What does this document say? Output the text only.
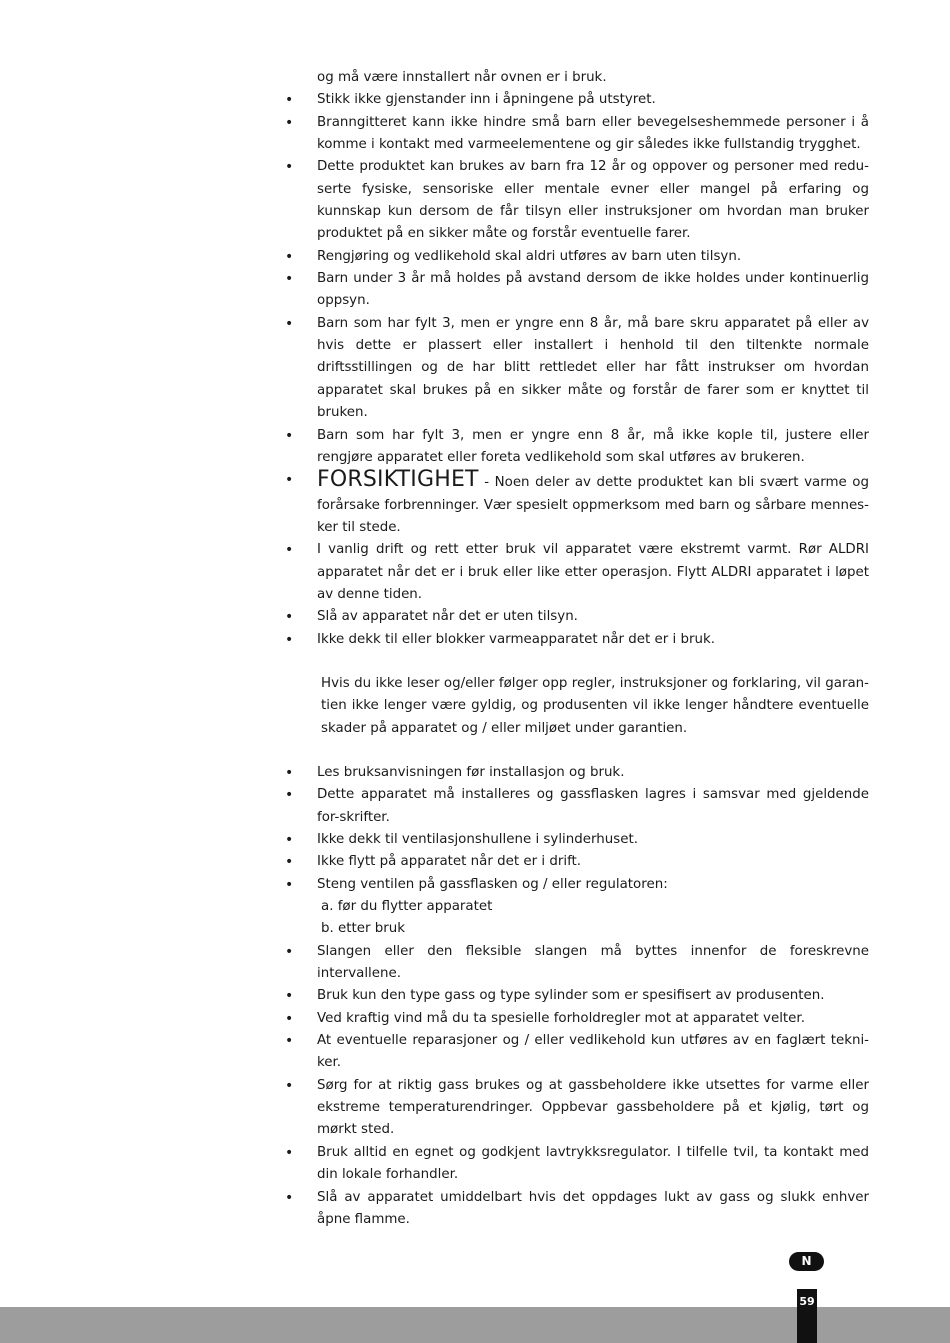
og må være innstallert når ovnen er i bruk.
• Stikk ikke gjenstander inn i åpningene på utstyret.
• Branngitteret kann ikke hindre små barn eller bevegelseshemmede personer i å komme i kontakt med varmeelementene og gir således ikke fullstandig trygghet.
• Dette produktet kan brukes av barn fra 12 år og oppover og personer med redu-serte fysiske, sensoriske eller mentale evner eller mangel på erfaring og kunnskap kun dersom de får tilsyn eller instruksjoner om hvordan man bruker produktet på en sikker måte og forstår eventuelle farer.
• Rengjøring og vedlikehold skal aldri utføres av barn uten tilsyn.
• Barn under 3 år må holdes på avstand dersom de ikke holdes under kontinuerlig oppsyn.
• Barn som har fylt 3, men er yngre enn 8 år, må bare skru apparatet på eller av hvis dette er plassert eller installert i henhold til den tiltenkte normale driftsstillingen og de har blitt rettledet eller har fått instrukser om hvordan apparatet skal brukes på en sikker måte og forstår de farer som er knyttet til bruken.
• Barn som har fylt 3, men er yngre enn 8 år, må ikke kople til, justere eller rengjøre apparatet eller foreta vedlikehold som skal utføres av brukeren.
• FORSIKTIGHET - Noen deler av dette produktet kan bli svært varme og forårsake forbrenninger. Vær spesielt oppmerksom med barn og sårbare mennes-ker til stede.
• I vanlig drift og rett etter bruk vil apparatet være ekstremt varmt. Rør ALDRI apparatet når det er i bruk eller like etter operasjon. Flytt ALDRI apparatet i løpet av denne tiden.
• Slå av apparatet når det er uten tilsyn.
• Ikke dekk til eller blokker varmeapparatet når det er i bruk.

Hvis du ikke leser og/eller følger opp regler, instruksjoner og forklaring, vil garan-tien ikke lenger være gyldig, og produsenten vil ikke lenger håndtere eventuelle skader på apparatet og / eller miljøet under garantien.

• Les bruksanvisningen før installasjon og bruk.
• Dette apparatet må installeres og gassflasken lagres i samsvar med gjeldende for-skrifter.
• Ikke dekk til ventilasjonshullene i sylinderhuset.
• Ikke flytt på apparatet når det er i drift.
• Steng ventilen på gassflasken og / eller regulatoren:
a. før du flytter apparatet
b. etter bruk
• Slangen eller den fleksible slangen må byttes innenfor de foreskrevne intervallene.
• Bruk kun den type gass og type sylinder som er spesifisert av produsenten.
• Ved kraftig vind må du ta spesielle forholdregler mot at apparatet velter.
• At eventuelle reparasjoner og / eller vedlikehold kun utføres av en faglært tekni-ker.
• Sørg for at riktig gass brukes og at gassbeholdere ikke utsettes for varme eller ekstreme temperaturendringer. Oppbevar gassbeholdere på et kjølig, tørt og mørkt sted.
• Bruk alltid en egnet og godkjent lavtrykksregulator. I tilfelle tvil, ta kontakt med din lokale forhandler.
• Slå av apparatet umiddelbart hvis det oppdages lukt av gass og slukk enhver åpne flamme.
N
59
